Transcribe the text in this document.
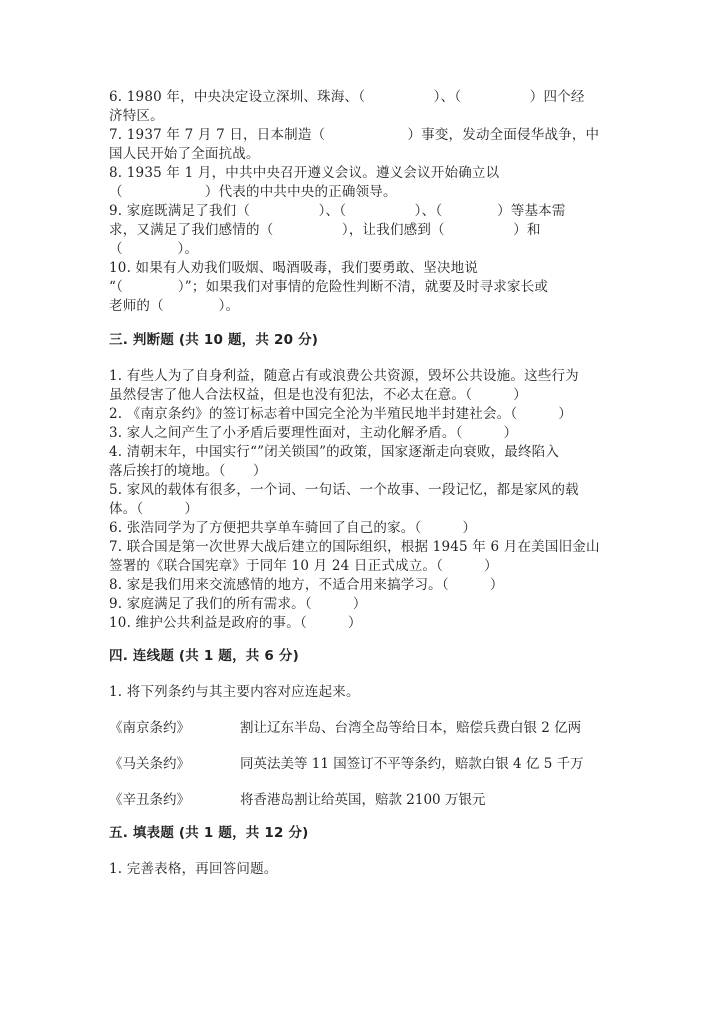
6. 1980 年，中央决定设立深圳、珠海、（　　　　　）、（　　　　　）四个经
济特区。
7. 1937 年 7 月 7 日，日本制造（　　　　　　）事变，发动全面侵华战争，中
国人民开始了全面抗战。
8. 1935 年 1 月，中共中央召开遵义会议。遵义会议开始确立以
（　　　　　　）代表的中共中央的正确领导。
9. 家庭既满足了我们（　　　　　）、（　　　　　）、（　　　　）等基本需
求，又满足了我们感情的（　　　　　），让我们感到（　　　　　）和
（　　　　）。
10. 如果有人劝我们吸烟、喝酒吸毒，我们要勇敢、坚决地说
“（　　　　）”；如果我们对事情的危险性判断不清，就要及时寻求家长或
老师的（　　　　）。
三. 判断题 (共 10 题，共 20 分)
1. 有些人为了自身利益，随意占有或浪费公共资源，毁坏公共设施。这些行为
虽然侵害了他人合法权益，但是也没有犯法，不必太在意。（　　　）
2. 《南京条约》的签订标志着中国完全沦为半殖民地半封建社会。（　　　）
3. 家人之间产生了小矛盾后要理性面对，主动化解矛盾。（　　　）
4. 清朝末年，中国实行“”闭关锁国”的政策，国家逐渐走向衰败，最终陷入
落后挨打的境地。（　　）
5. 家风的载体有很多，一个词、一句话、一个故事、一段记忆，都是家风的载
体。（　　　）
6. 张浩同学为了方便把共享单车骑回了自己的家。（　　　）
7. 联合国是第一次世界大战后建立的国际组织，根据 1945 年 6 月在美国旧金山
签署的《联合国宪章》于同年 10 月 24 日正式成立。（　　　）
8. 家是我们用来交流感情的地方，不适合用来搞学习。（　　　）
9. 家庭满足了我们的所有需求。（　　　）
10. 维护公共利益是政府的事。（　　　）
四. 连线题 (共 1 题，共 6 分)
1. 将下列条约与其主要内容对应连起来。
《南京条约》	割让辽东半岛、台湾全岛等给日本，赔偿兵费白银 2 亿两
《马关条约》	同英法美等 11 国签订不平等条约，赔款白银 4 亿 5 千万
《辛丑条约》	将香港岛割让给英国，赔款 2100 万银元
五. 填表题 (共 1 题，共 12 分)
1. 完善表格，再回答问题。
